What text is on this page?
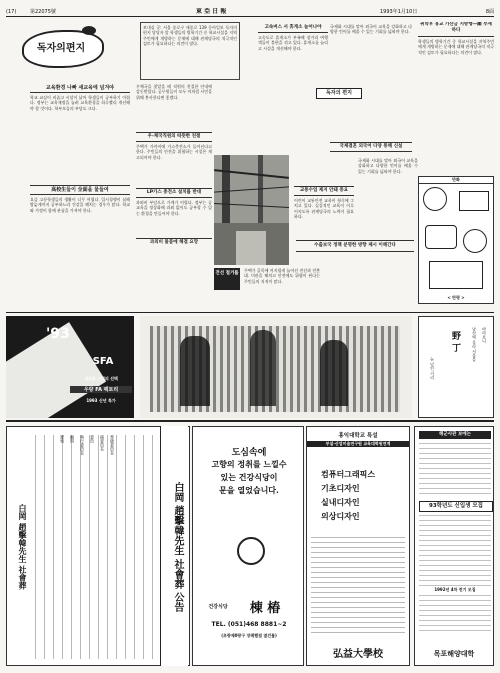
(17)	第22075號	東 亞 日 報	1993年1月10日	8面
독자의편지
보내실 곳: 서울 종로구 세종로 139 동아일보 독자의 편지 담당자 앞 학생들의 방학기간 중 학교시설을 지역주민에게 개방하는 문제에 대해 관계당국의 적극적인 검토가 필요하다는 의견이 많다.
교육환경 나빠 새교육에 넘겨야
학교 교실이 비좁고 시설이 낡아 학생들이 공부하기 어렵다. 정부는 교육재정을 늘려 교육환경을 하루빨리 개선해야 할 것이다. 학부모들의 부담도 크다.
高校生들이 全面을 물들여
요즘 고등학생들의 생활이 너무 어렵다. 입시경쟁이 심해 밤늦게까지 공부하느라 건강을 해치는 경우가 많다. 학교와 가정이 함께 관심을 가져야 한다.
우체국을 찾았을 때 직원의 친절한 안내에 감동받았다. 공무원들이 모두 이처럼 시민을 위해 봉사한다면 좋겠다.
우-체국직원의 따뜻한 친절
주택가 가까이에 가스충전소가 들어선다고 한다. 주민들의 안전을 위협하는 시설은 재고되어야 한다.
LP가스 충전소 설치를 반대
과외비 부담으로 가계가 어렵다. 정부는 공교육을 정상화해 과외 없이도 공부할 수 있는 환경을 만들어야 한다.
과외비 물품에 해결 요망
전선 철거를
주택가 골목에 어지럽게 늘어선 전선과 전봇대. 미관을 해치고 안전에도 위협이 된다는 주민들의 지적이 많다.
고속버스 서 휴게소 늘어나야
고속도로 휴게소가 부족해 장거리 여행객들이 불편을 겪고 있다. 휴게소를 늘리고 시설을 개선해야 한다.
독자의 편지
국제화 시대를 맞아 외국어 교육을 강화하고 다양한 언어를 배울 수 있는 기회를 넓혀야 한다.
국제결혼 외국어 다양 통해 신설
교통수업 제지 안돼 중요
어린이 교통안전 교육이 형식에 그치고 있다. 실질적인 교육이 이루어지도록 관계당국의 노력이 필요하다.
국제화 시대를 맞아 외국어 교육을 강화하고 다양한 언어를 배울 수 있는 기회를 넓혀야 한다.
수출보국 정책 분명한 방향 제시 이해간다
취학후 휴교 가산금 지방행―團 부재하다
학생들의 방학기간 중 학교시설을 지역주민에게 개방하는 문제에 대해 관계당국의 적극적인 검토가 필요하다는 의견이 많다.
만화
< 만평 >
'93
SFA
새로운 시대의 선택
우량 FA 팩토리
1993 신년 특가
野 丁	남산에 올라 서울을	바라보니
눈 덮인 거리
白岡 趙擊韓先生 社會葬
葬儀委員長
副委員長
委員
執行委員長
顧問
護喪
白岡 趙擊韓先生 社會葬 公告
도심속에
고향의 정취를 느낄수
있는 건강식당이
문을 열었습니다.
건강식당	棟 椿
TEL. (051)468 8881~2
(초량제0랑구 장례했점 옆건물)
홍익대학교 특설
부설·산업미술연구원 교육대학원연계
컴퓨터그래픽스
기초디자인
실내디자인
의상디자인
弘益大學校
해군사관 보에는
93학년도 신입생 모집
1992년 4차 전기 모집
목포해양대학
